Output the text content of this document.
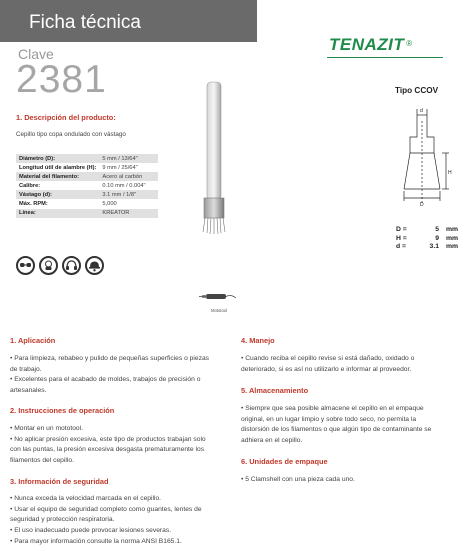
Ficha técnica
Clave
2381
TENAZIT ®
1. Descripción del producto:
Cepillo tipo copa ondulado con vástago
Diámetro (D):	5 mm / 13/64"
Longitud útil de alambre (H):	9 mm / 25/64"
Material del filamento:	Acero al carbón
Calibre:	0.10 mm / 0.004"
Vástago (d):	3.1 mm / 1/8"
Máx. RPM:	5,000
Línea:	KREATOR
Mototool
Tipo CCOV
d
H
D
D =	5 mm
H =	9 mm
d =	3.1 mm
1. Aplicación

• Para limpieza, rebabeo y pulido de pequeñas superficies o piezas

de trabajo.

• Excelentes para el acabado de moldes, trabajos de precisión o

artesanales.

2. Instrucciones de operación

• Montar en un mototool.

• No aplicar presión excesiva, este tipo de productos trabajan solo

con las puntas, la presión excesiva desgasta prematuramente los

filamentos del cepillo.

3. Información de seguridad

• Nunca exceda la velocidad marcada en el cepillo.

• Usar el equipo de seguridad completo como guantes, lentes de

seguridad y protección respiratoria.

• El uso inadecuado puede provocar lesiones severas.

• Para mayor información consulte la norma ANSI B165.1.

4. Manejo

• Cuando reciba el cepillo revise si está dañado, oxidado o

deteriorado, si es así no utilizarlo e informar al proveedor.

5. Almacenamiento

• Siempre que sea posible almacene el cepillo en el empaque

original, en un lugar limpio y sobre todo seco, no permita la

distorsión de los filamentos o que algún tipo de contaminante se

adhiera en el cepillo.

6. Unidades de empaque

• 5 Clamshell con una pieza cada uno.
